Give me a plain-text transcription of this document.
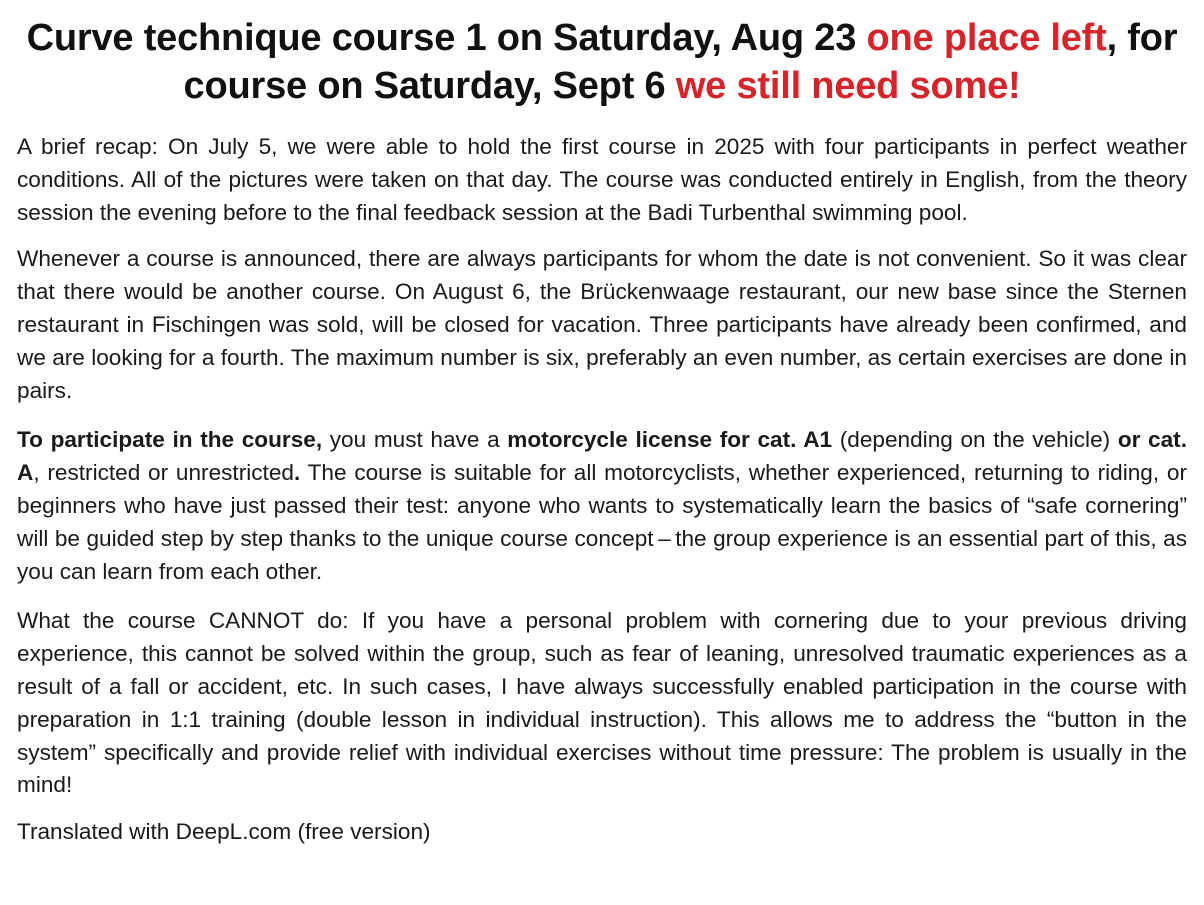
Curve technique course 1 on Saturday, Aug 23 one place left, for course on Saturday, Sept 6 we still need some!

A brief recap: On July 5, we were able to hold the first course in 2025 with four participants in perfect weather conditions. All of the pictures were taken on that day. The course was conducted entirely in English, from the theory session the evening before to the final feedback session at the Badi Turbenthal swimming pool.

Whenever a course is announced, there are always participants for whom the date is not convenient. So it was clear that there would be another course. On August 6, the Brückenwaage restaurant, our new base since the Sternen restaurant in Fischingen was sold, will be closed for vacation. Three participants have already been confirmed, and we are looking for a fourth. The maximum number is six, preferably an even number, as certain exercises are done in pairs.

To participate in the course, you must have a motorcycle license for cat. A1 (depending on the vehicle) or cat. A, restricted or unrestricted. The course is suitable for all motorcyclists, whether experienced, returning to riding, or beginners who have just passed their test: anyone who wants to systematically learn the basics of “safe cornering” will be guided step by step thanks to the unique course concept – the group experience is an essential part of this, as you can learn from each other.

What the course CANNOT do: If you have a personal problem with cornering due to your previous driving experience, this cannot be solved within the group, such as fear of leaning, unresolved traumatic experiences as a result of a fall or accident, etc. In such cases, I have always successfully enabled participation in the course with preparation in 1:1 training (double lesson in individual instruction). This allows me to address the “button in the system” specifically and provide relief with individual exercises without time pressure: The problem is usually in the mind!

Translated with DeepL.com (free version)
